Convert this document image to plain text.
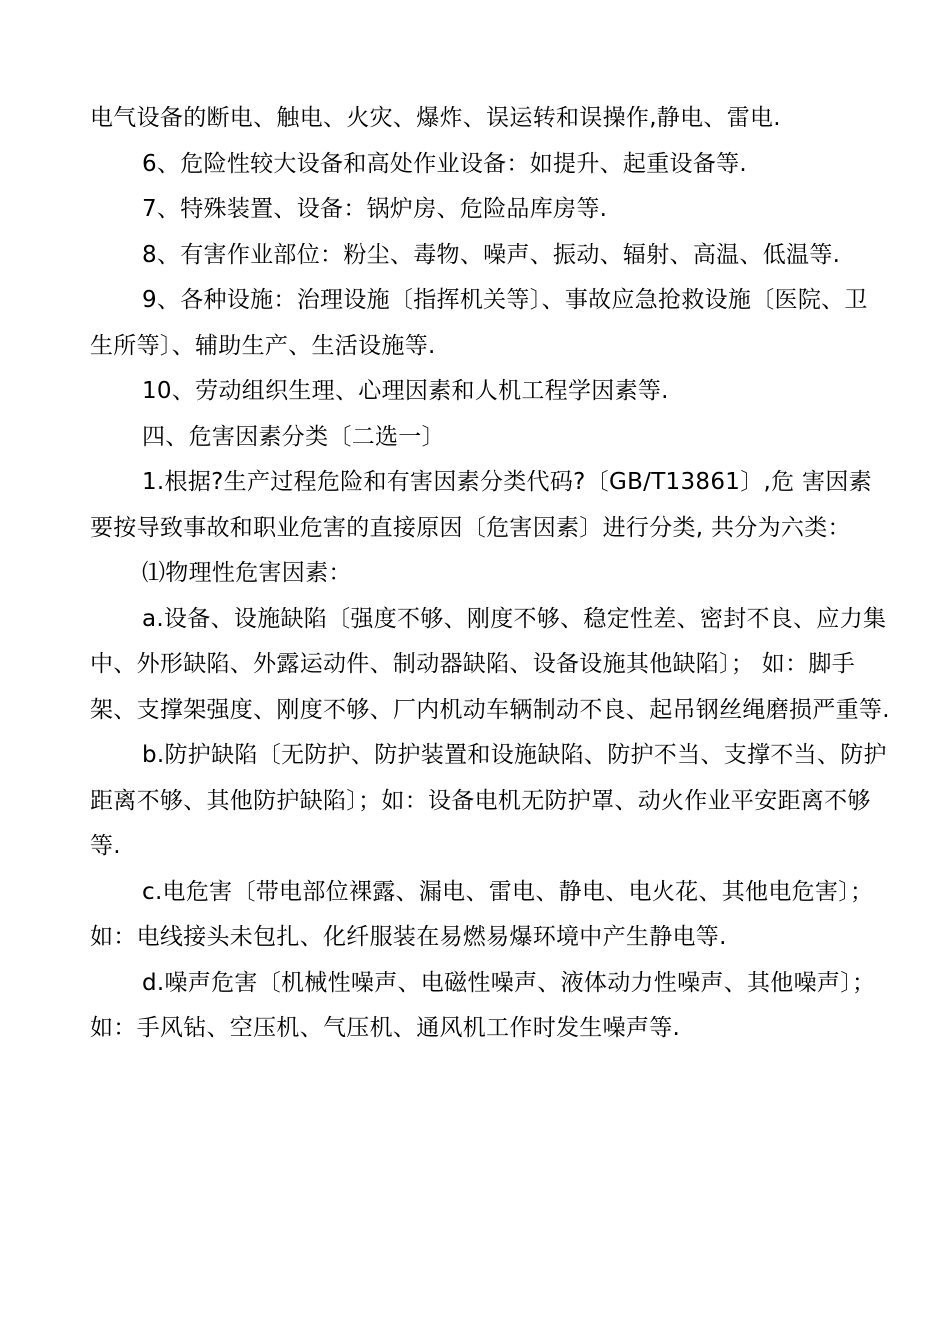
电气设备的断电、触电、火灾、爆炸、误运转和误操作,静电、雷电.

6、危险性较大设备和高处作业设备：如提升、起重设备等.

7、特殊装置、设备：锅炉房、危险品库房等.

8、有害作业部位：粉尘、毒物、噪声、振动、辐射、高温、低温等.

9、各种设施：治理设施〔指挥机关等〕、事故应急抢救设施〔医院、卫生所等〕、辅助生产、生活设施等.

10、劳动组织生理、心理因素和人机工程学因素等.

四、危害因素分类〔二选一〕

1.根据?生产过程危险和有害因素分类代码?〔GB/T13861〕,危 害因素要按导致事故和职业危害的直接原因〔危害因素〕进行分类, 共分为六类：

⑴物理性危害因素：

a.设备、设施缺陷〔强度不够、刚度不够、稳定性差、密封不良、应力集中、外形缺陷、外露运动件、制动器缺陷、设备设施其他缺陷〕； 如：脚手架、支撑架强度、刚度不够、厂内机动车辆制动不良、起吊钢丝绳磨损严重等.

b.防护缺陷〔无防护、防护装置和设施缺陷、防护不当、支撑不当、防护距离不够、其他防护缺陷〕；如：设备电机无防护罩、动火作业平安距离不够等.

c.电危害〔带电部位裸露、漏电、雷电、静电、电火花、其他电危害〕；如：电线接头未包扎、化纤服装在易燃易爆环境中产生静电等.

d.噪声危害〔机械性噪声、电磁性噪声、液体动力性噪声、其他噪声〕；如：手风钻、空压机、气压机、通风机工作时发生噪声等.
